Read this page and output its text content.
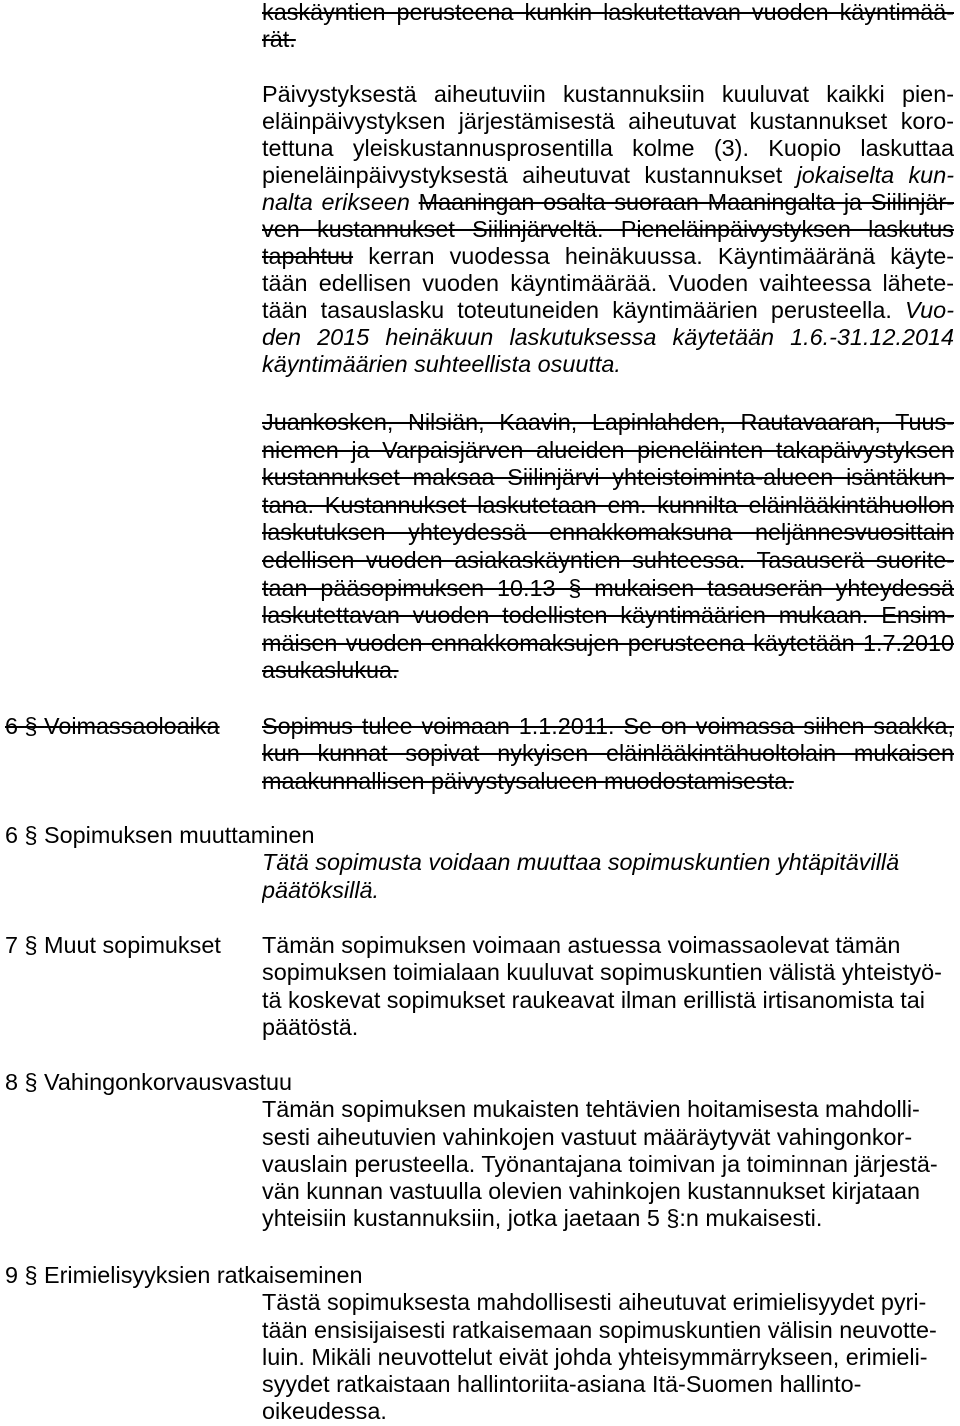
kaskäyntien perusteena kunkin laskutettavan vuoden käyntimää-
rät.
Päivystyksestä aiheutuviin kustannuksiin kuuluvat kaikki pien-
eläinpäivystyksen järjestämisestä aiheutuvat kustannukset koro-
tettuna yleiskustannusprosentilla kolme (3). Kuopio laskuttaa
pieneläinpäivystyksestä aiheutuvat kustannukset jokaiselta kun-
nalta erikseen Maaningan osalta suoraan Maaningalta ja Siilinjär-
ven kustannukset Siilinjärveltä. Pieneläinpäivystyksen laskutus
tapahtuu kerran vuodessa heinäkuussa. Käyntimääränä käyte-
tään edellisen vuoden käyntimäärää. Vuoden vaihteessa lähete-
tään tasauslasku toteutuneiden käyntimäärien perusteella. Vuo-
den 2015 heinäkuun laskutuksessa käytetään 1.6.-31.12.2014
käyntimäärien suhteellista osuutta.
Juankosken, Nilsiän, Kaavin, Lapinlahden, Rautavaaran, Tuus-
niemen ja Varpaisjärven alueiden pieneläinten takapäivystyksen
kustannukset maksaa Siilinjärvi yhteistoiminta-alueen isäntäkun-
tana. Kustannukset laskutetaan em. kunnilta eläinlääkintähuollon
laskutuksen yhteydessä ennakkomaksuna neljännesvuosittain
edellisen vuoden asiakaskäyntien suhteessa. Tasauserä suorite-
taan pääsopimuksen 10.13 § mukaisen tasauserän yhteydessä
laskutettavan vuoden todellisten käyntimäärien mukaan. Ensim-
mäisen vuoden ennakkomaksujen perusteena käytetään 1.7.2010
asukaslukua.
6 § Voimassaoloaika Sopimus tulee voimaan 1.1.2011. Se on voimassa siihen saakka,
kun kunnat sopivat nykyisen eläinlääkintähuoltolain mukaisen
maakunnallisen päivystysalueen muodostamisesta.
6 § Sopimuksen muuttaminen
Tätä sopimusta voidaan muuttaa sopimuskuntien yhtäpitävillä
päätöksillä.
7 § Muut sopimukset Tämän sopimuksen voimaan astuessa voimassaolevat tämän
sopimuksen toimialaan kuuluvat sopimuskuntien välistä yhteistyö-
tä koskevat sopimukset raukeavat ilman erillistä irtisanomista tai
päätöstä.
8 § Vahingonkorvausvastuu
Tämän sopimuksen mukaisten tehtävien hoitamisesta mahdolli-
sesti aiheutuvien vahinkojen vastuut määräytyvät vahingonkor-
vauslain perusteella. Työnantajana toimivan ja toiminnan järjestä-
vän kunnan vastuulla olevien vahinkojen kustannukset kirjataan
yhteisiin kustannuksiin, jotka jaetaan 5 §:n mukaisesti.
9 § Erimielisyyksien ratkaiseminen
Tästä sopimuksesta mahdollisesti aiheutuvat erimielisyydet pyri-
tään ensisijaisesti ratkaisemaan sopimuskuntien välisin neuvotte-
luin. Mikäli neuvottelut eivät johda yhteisymmärrykseen, erimieli-
syydet ratkaistaan hallintoriita-asiana Itä-Suomen hallinto-
oikeudessa.
